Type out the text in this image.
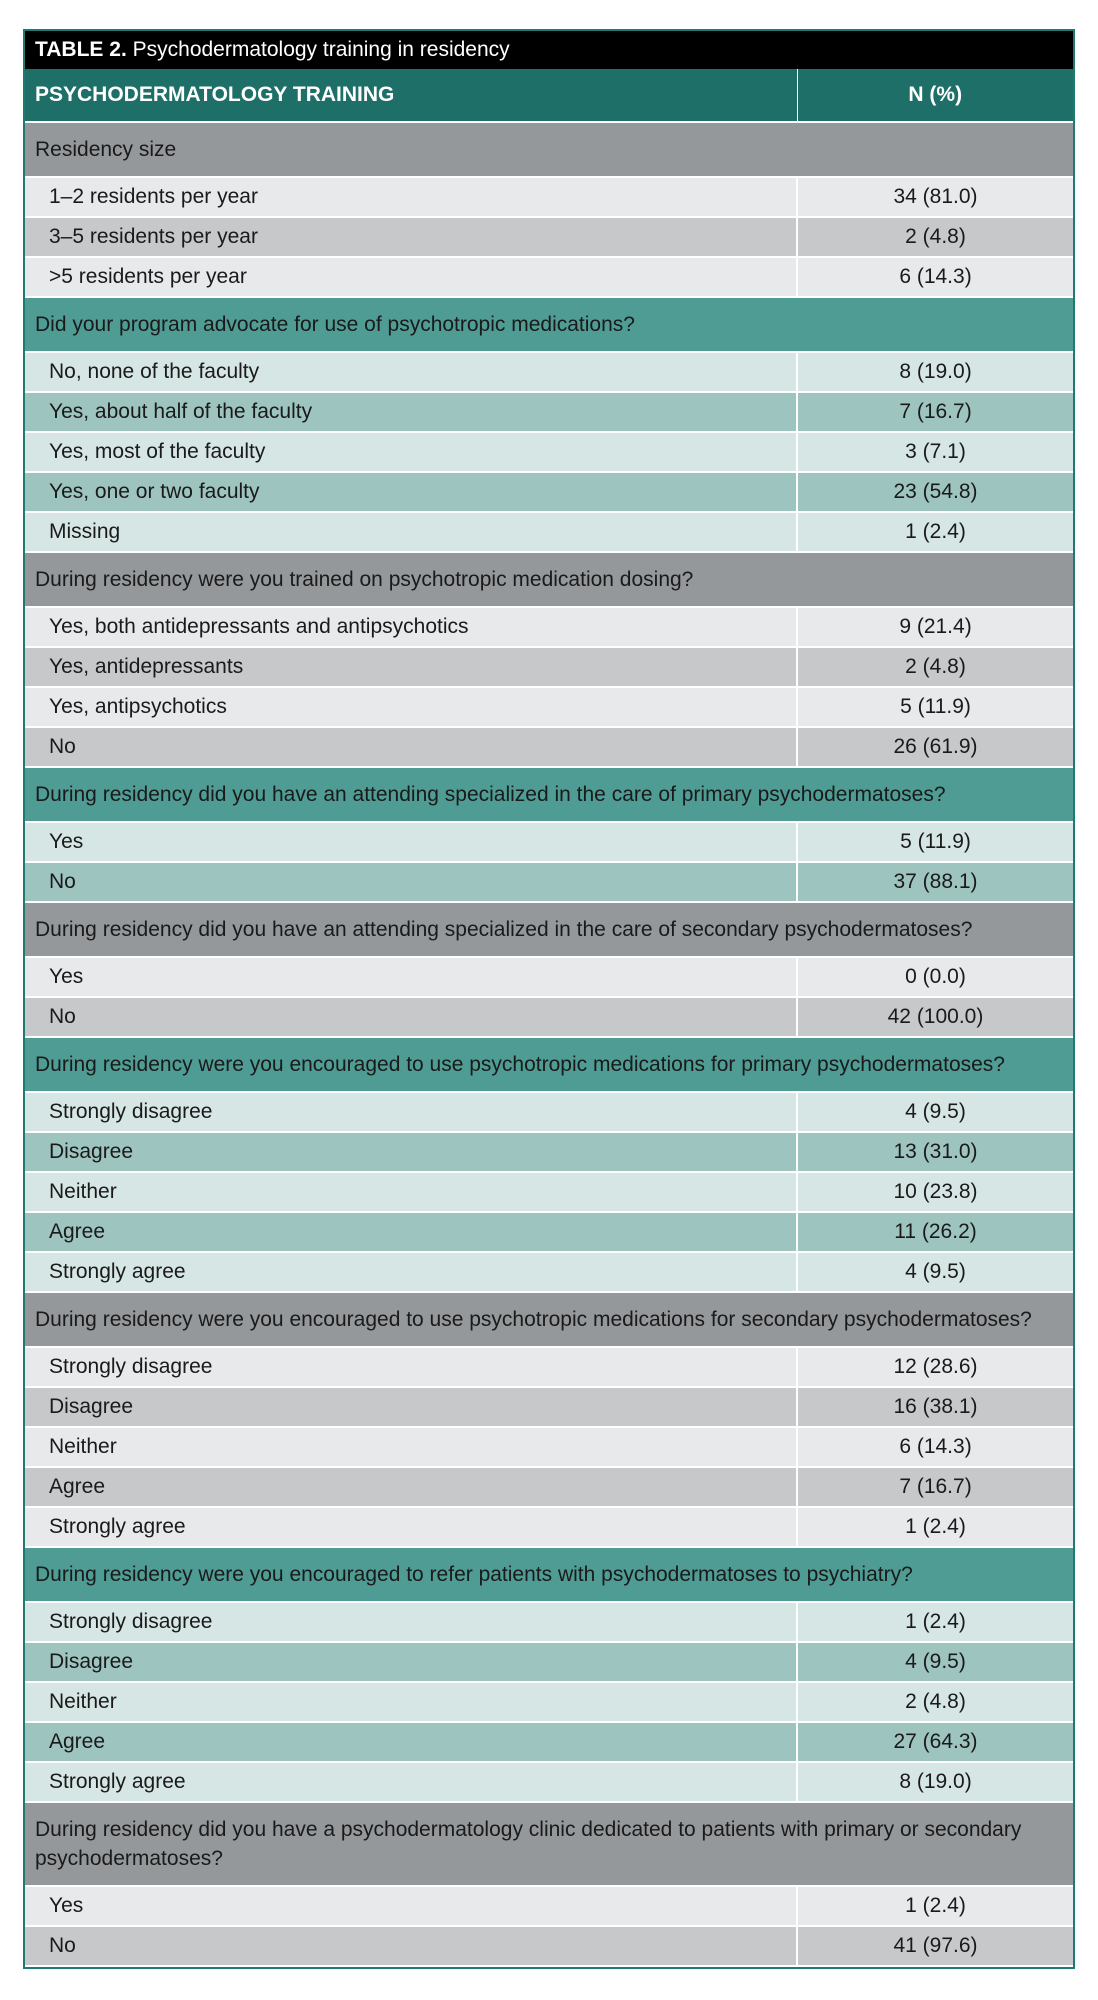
TABLE 2. Psychodermatology training in residency
PSYCHODERMATOLOGY TRAINING	N (%)
Residency size	
1–2 residents per year	34 (81.0)
3–5 residents per year	2 (4.8)
>5 residents per year	6 (14.3)
Did your program advocate for use of psychotropic medications?	
No, none of the faculty	8 (19.0)
Yes, about half of the faculty	7 (16.7)
Yes, most of the faculty	3 (7.1)
Yes, one or two faculty	23 (54.8)
Missing	1 (2.4)
During residency were you trained on psychotropic medication dosing?	
Yes, both antidepressants and antipsychotics	9 (21.4)
Yes, antidepressants	2 (4.8)
Yes, antipsychotics	5 (11.9)
No	26 (61.9)
During residency did you have an attending specialized in the care of primary psychodermatoses?	
Yes	5 (11.9)
No	37 (88.1)
During residency did you have an attending specialized in the care of secondary psychodermatoses?	
Yes	0 (0.0)
No	42 (100.0)
During residency were you encouraged to use psychotropic medications for primary psychodermatoses?	
Strongly disagree	4 (9.5)
Disagree	13 (31.0)
Neither	10 (23.8)
Agree	11 (26.2)
Strongly agree	4 (9.5)
During residency were you encouraged to use psychotropic medications for secondary psychodermatoses?	
Strongly disagree	12 (28.6)
Disagree	16 (38.1)
Neither	6 (14.3)
Agree	7 (16.7)
Strongly agree	1 (2.4)
During residency were you encouraged to refer patients with psychodermatoses to psychiatry?	
Strongly disagree	1 (2.4)
Disagree	4 (9.5)
Neither	2 (4.8)
Agree	27 (64.3)
Strongly agree	8 (19.0)
During residency did you have a psychodermatology clinic dedicated to patients with primary or secondary psychodermatoses?	
Yes	1 (2.4)
No	41 (97.6)
